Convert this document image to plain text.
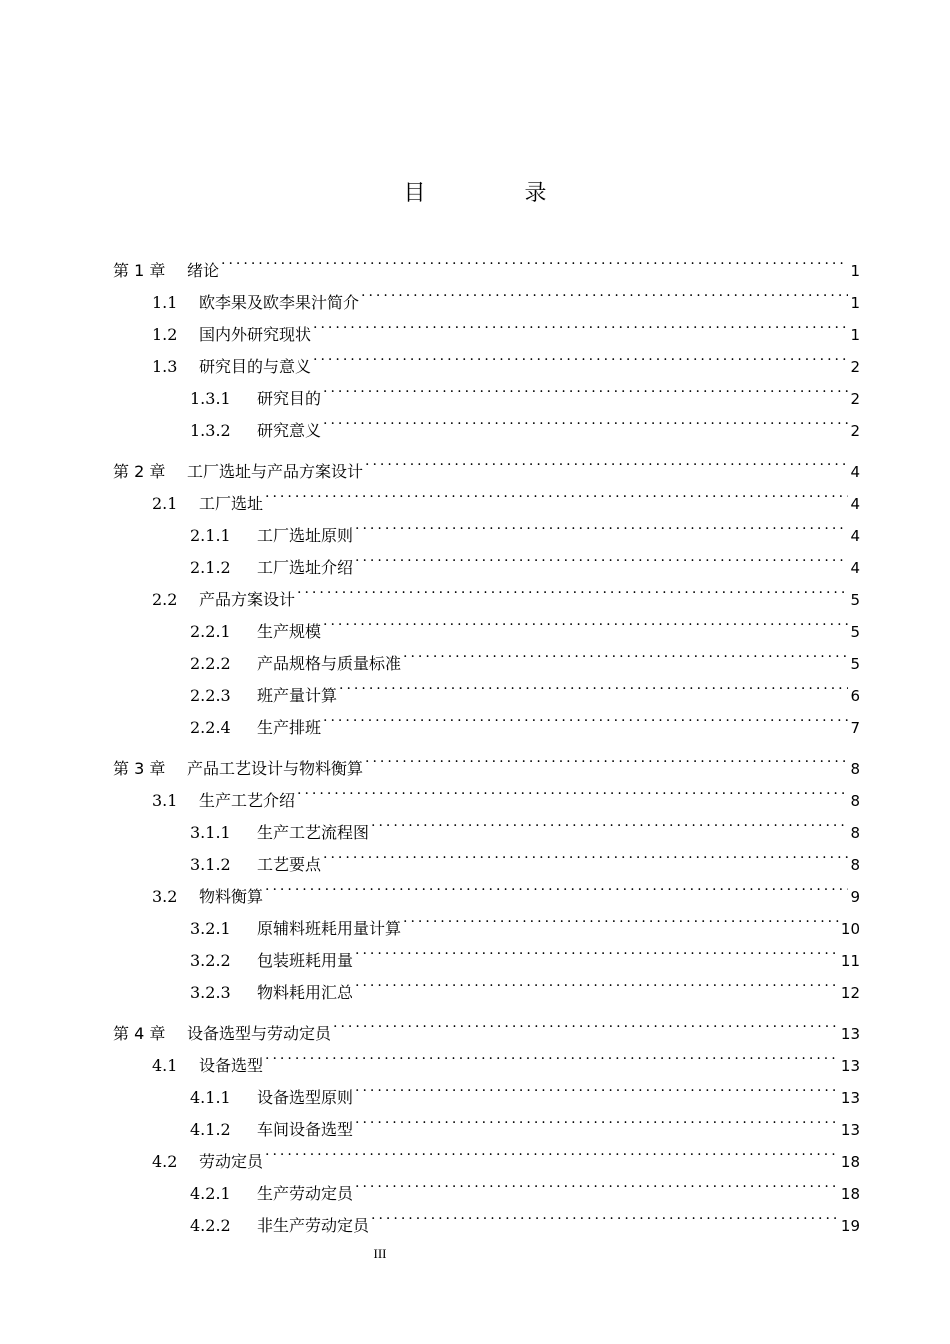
目 录
第 1 章	绪论 .....	1
1.1	欧李果及欧李果汁简介 .....	1
1.2	国内外研究现状 .....	1
1.3	研究目的与意义 .....	2
1.3.1	研究目的 .....	2
1.3.2	研究意义 .....	2
第 2 章	工厂选址与产品方案设计 .....	4
2.1	工厂选址 .....	4
2.1.1	工厂选址原则 .....	4
2.1.2	工厂选址介绍 .....	4
2.2	产品方案设计 .....	5
2.2.1	生产规模 .....	5
2.2.2	产品规格与质量标准 .....	5
2.2.3	班产量计算 .....	6
2.2.4	生产排班 .....	7
第 3 章	产品工艺设计与物料衡算 .....	8
3.1	生产工艺介绍 .....	8
3.1.1	生产工艺流程图 .....	8
3.1.2	工艺要点 .....	8
3.2	物料衡算 .....	9
3.2.1	原辅料班耗用量计算 .....	10
3.2.2	包装班耗用量 .....	11
3.2.3	物料耗用汇总 .....	12
第 4 章	设备选型与劳动定员 .....	13
4.1	设备选型 .....	13
4.1.1	设备选型原则 .....	13
4.1.2	车间设备选型 .....	13
4.2	劳动定员 .....	18
4.2.1	生产劳动定员 .....	18
4.2.2	非生产劳动定员 .....	19
III
